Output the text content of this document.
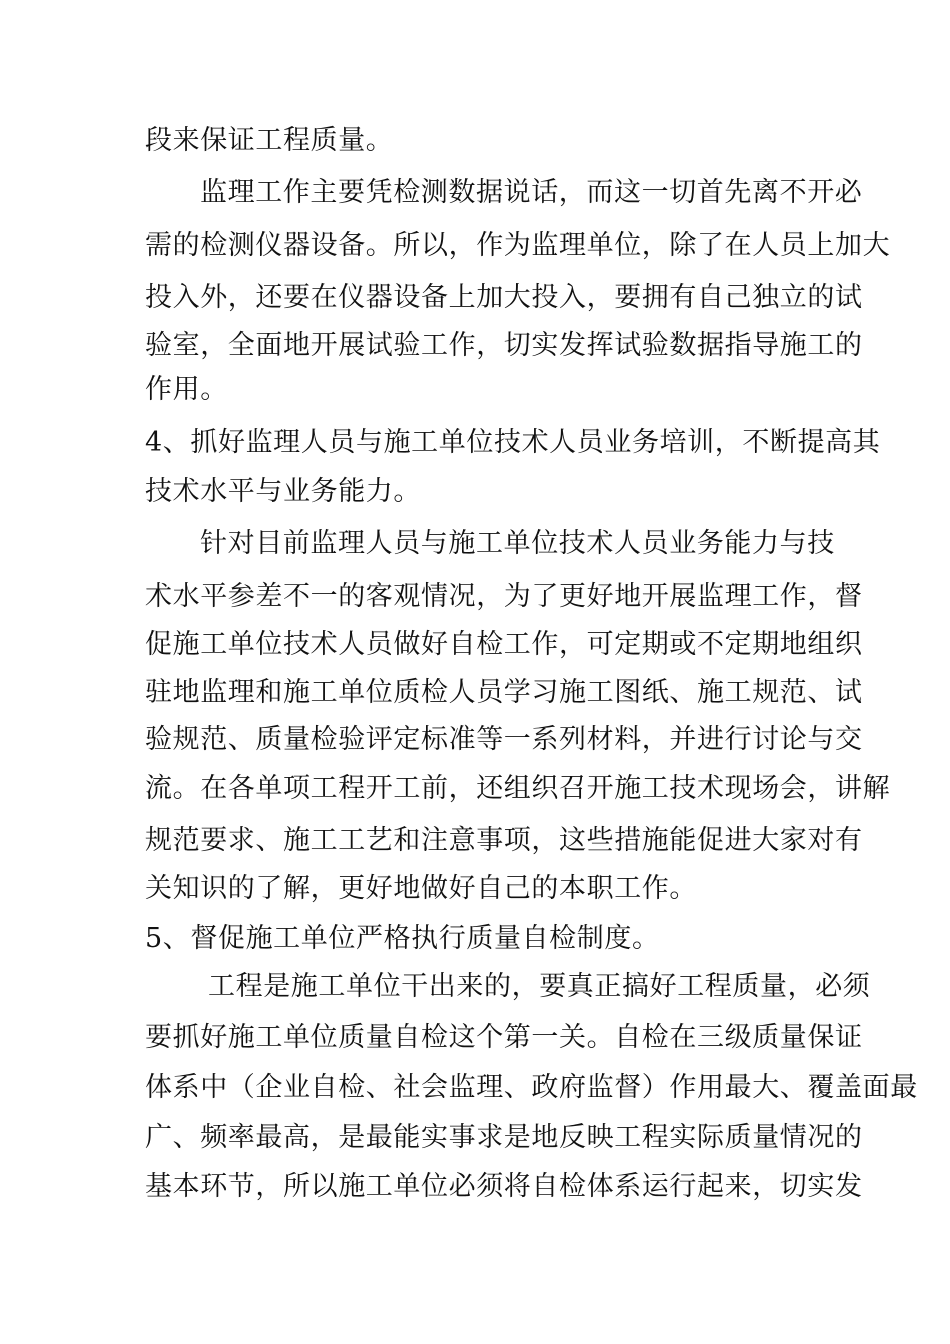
段来保证工程质量。
监理工作主要凭检测数据说话，而这一切首先离不开必
需的检测仪器设备。所以，作为监理单位，除了在人员上加大
投入外，还要在仪器设备上加大投入，要拥有自己独立的试
验室，全面地开展试验工作，切实发挥试验数据指导施工的
作用。
4、抓好监理人员与施工单位技术人员业务培训，不断提高其
技术水平与业务能力。
针对目前监理人员与施工单位技术人员业务能力与技
术水平参差不一的客观情况，为了更好地开展监理工作，督
促施工单位技术人员做好自检工作，可定期或不定期地组织
驻地监理和施工单位质检人员学习施工图纸、施工规范、试
验规范、质量检验评定标准等一系列材料，并进行讨论与交
流。在各单项工程开工前，还组织召开施工技术现场会，讲解
规范要求、施工工艺和注意事项，这些措施能促进大家对有
关知识的了解，更好地做好自己的本职工作。
5、督促施工单位严格执行质量自检制度。
工程是施工单位干出来的，要真正搞好工程质量，必须
要抓好施工单位质量自检这个第一关。自检在三级质量保证
体系中（企业自检、社会监理、政府监督）作用最大、覆盖面最
广、频率最高，是最能实事求是地反映工程实际质量情况的
基本环节，所以施工单位必须将自检体系运行起来，切实发
